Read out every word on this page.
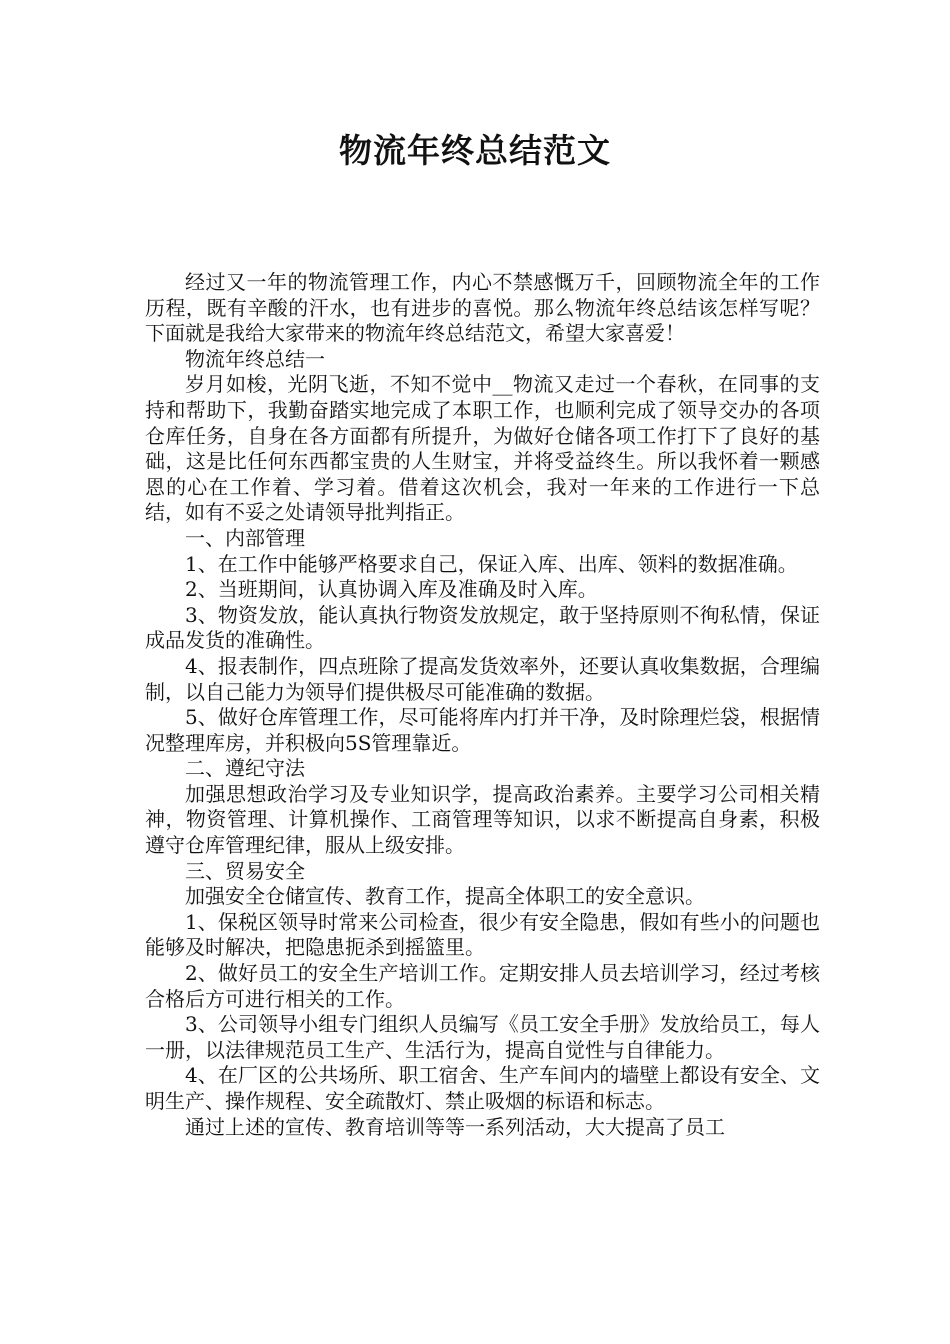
物流年终总结范文

经过又一年的物流管理工作，内心不禁感慨万千，回顾物流全年的工作历程，既有辛酸的汗水，也有进步的喜悦。那么物流年终总结该怎样写呢？下面就是我给大家带来的物流年终总结范文，希望大家喜爱！

物流年终总结一

岁月如梭，光阴飞逝，不知不觉中__物流又走过一个春秋，在同事的支持和帮助下，我勤奋踏实地完成了本职工作，也顺利完成了领导交办的各项仓库任务，自身在各方面都有所提升，为做好仓储各项工作打下了良好的基础，这是比任何东西都宝贵的人生财宝，并将受益终生。所以我怀着一颗感恩的心在工作着、学习着。借着这次机会，我对一年来的工作进行一下总结，如有不妥之处请领导批判指正。

一、内部管理

1、在工作中能够严格要求自己，保证入库、出库、领料的数据准确。

2、当班期间，认真协调入库及准确及时入库。

3、物资发放，能认真执行物资发放规定，敢于坚持原则不徇私情，保证成品发货的准确性。

4、报表制作，四点班除了提高发货效率外，还要认真收集数据，合理编制，以自己能力为领导们提供极尽可能准确的数据。

5、做好仓库管理工作，尽可能将库内打并干净，及时除理烂袋，根据情况整理库房，并积极向5S管理靠近。

二、遵纪守法

加强思想政治学习及专业知识学，提高政治素养。主要学习公司相关精神，物资管理、计算机操作、工商管理等知识，以求不断提高自身素，积极遵守仓库管理纪律，服从上级安排。

三、贸易安全

加强安全仓储宣传、教育工作，提高全体职工的安全意识。

1、保税区领导时常来公司检查，很少有安全隐患，假如有些小的问题也能够及时解决，把隐患扼杀到摇篮里。

2、做好员工的安全生产培训工作。定期安排人员去培训学习，经过考核合格后方可进行相关的工作。

3、公司领导小组专门组织人员编写《员工安全手册》发放给员工，每人一册，以法律规范员工生产、生活行为，提高自觉性与自律能力。

4、在厂区的公共场所、职工宿舍、生产车间内的墙壁上都设有安全、文明生产、操作规程、安全疏散灯、禁止吸烟的标语和标志。

通过上述的宣传、教育培训等等一系列活动，大大提高了员工
